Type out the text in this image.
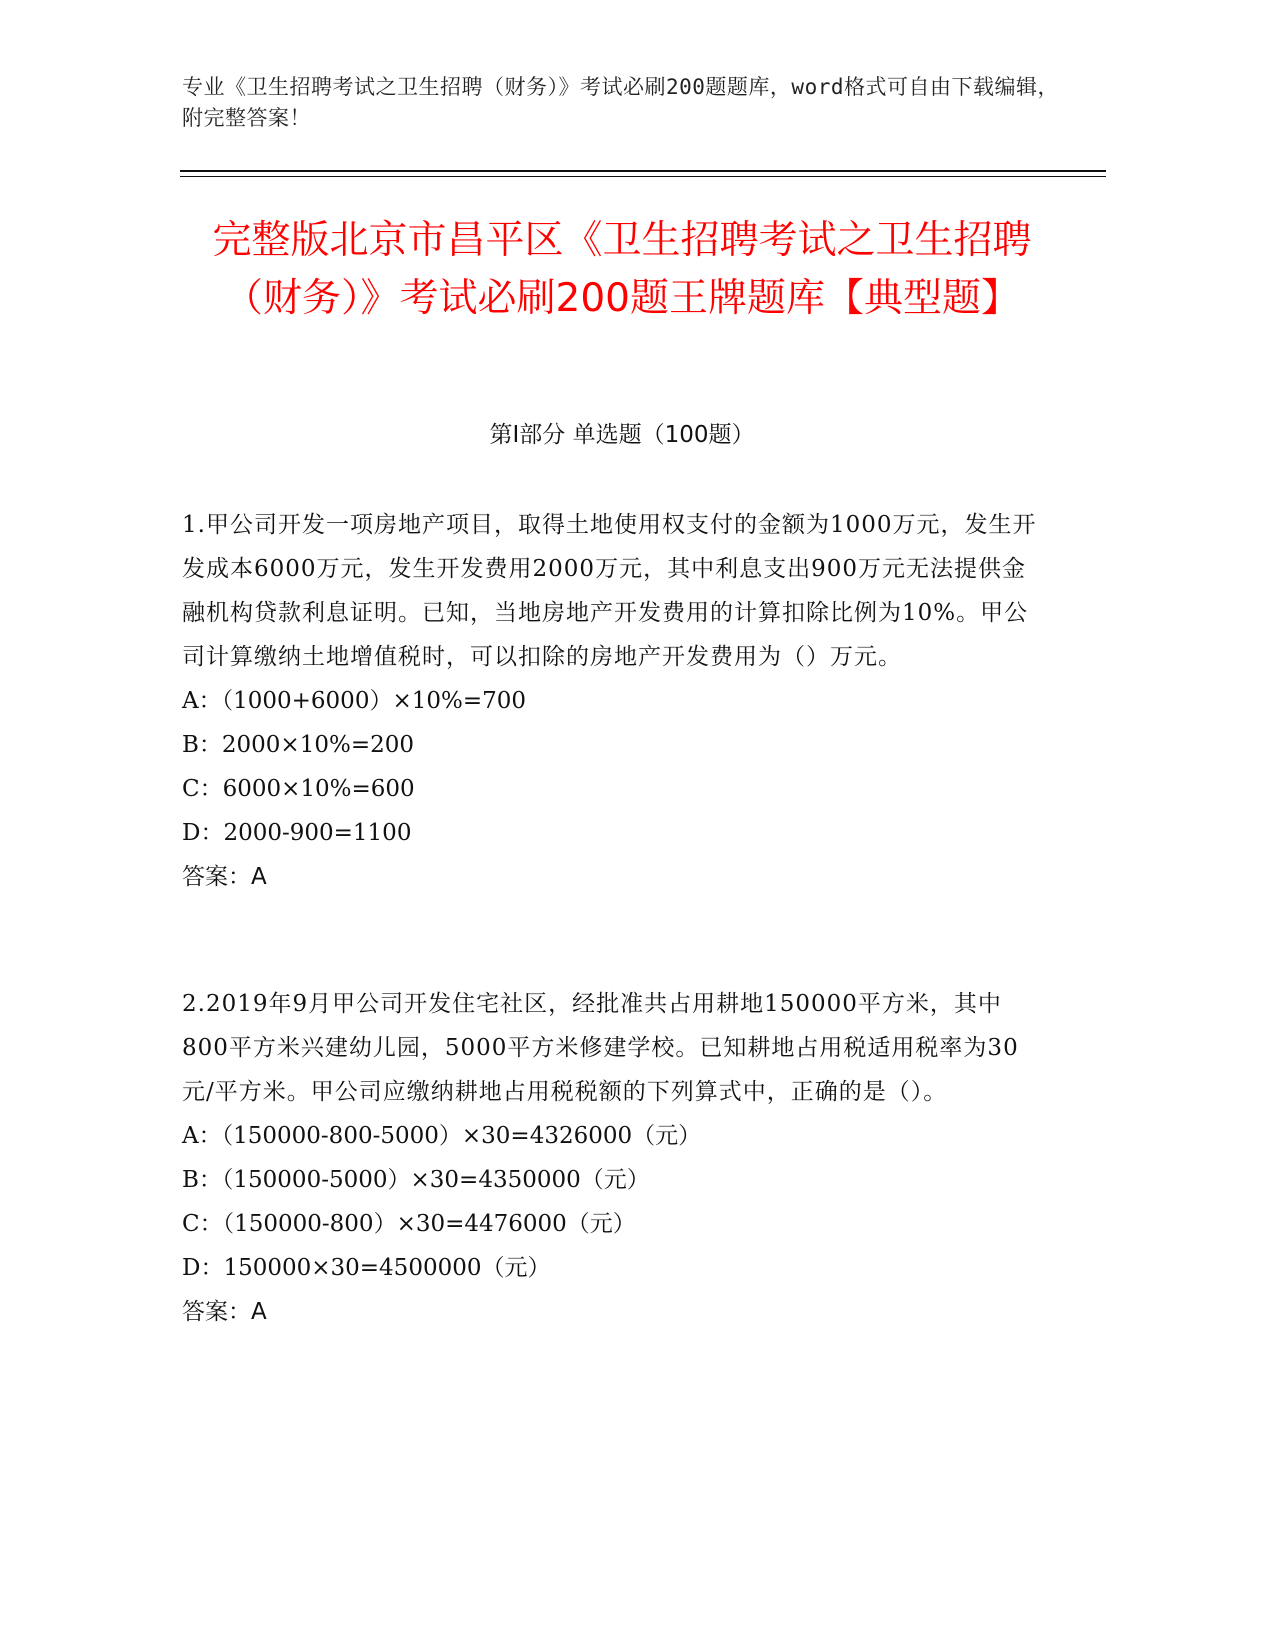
专业《卫生招聘考试之卫生招聘（财务）》考试必刷200题题库，word格式可自由下载编辑，附完整答案！
完整版北京市昌平区《卫生招聘考试之卫生招聘（财务）》考试必刷200题王牌题库【典型题】
第I部分 单选题（100题）

1.甲公司开发一项房地产项目，取得土地使用权支付的金额为1000万元，发生开发成本6000万元，发生开发费用2000万元，其中利息支出900万元无法提供金融机构贷款利息证明。已知，当地房地产开发费用的计算扣除比例为10%。甲公司计算缴纳土地增值税时，可以扣除的房地产开发费用为（）万元。

A：（1000+6000）×10%=700

B：2000×10%=200

C：6000×10%=600

D：2000-900=1100

答案：A

2.2019年9月甲公司开发住宅社区，经批准共占用耕地150000平方米，其中800平方米兴建幼儿园，5000平方米修建学校。已知耕地占用税适用税率为30元/平方米。甲公司应缴纳耕地占用税税额的下列算式中，正确的是（）。

A：（150000-800-5000）×30=4326000（元）

B：（150000-5000）×30=4350000（元）

C：（150000-800）×30=4476000（元）

D：150000×30=4500000（元）

答案：A
